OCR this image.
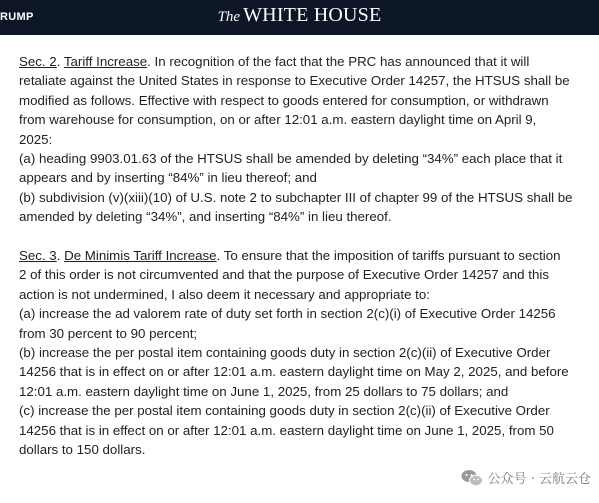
RUMP	The WHITE HOUSE
Sec. 2. Tariff Increase. In recognition of the fact that the PRC has announced that it will
retaliate against the United States in response to Executive Order 14257, the HTSUS shall be
modified as follows. Effective with respect to goods entered for consumption, or withdrawn
from warehouse for consumption, on or after 12:01 a.m. eastern daylight time on April 9,
2025:
(a) heading 9903.01.63 of the HTSUS shall be amended by deleting “34%” each place that it
appears and by inserting “84%” in lieu thereof; and
(b) subdivision (v)(xiii)(10) of U.S. note 2 to subchapter III of chapter 99 of the HTSUS shall be
amended by deleting “34%”, and inserting “84%” in lieu thereof.
Sec. 3. De Minimis Tariff Increase. To ensure that the imposition of tariffs pursuant to section
2 of this order is not circumvented and that the purpose of Executive Order 14257 and this
action is not undermined, I also deem it necessary and appropriate to:
(a) increase the ad valorem rate of duty set forth in section 2(c)(i) of Executive Order 14256
from 30 percent to 90 percent;
(b) increase the per postal item containing goods duty in section 2(c)(ii) of Executive Order
14256 that is in effect on or after 12:01 a.m. eastern daylight time on May 2, 2025, and before
12:01 a.m. eastern daylight time on June 1, 2025, from 25 dollars to 75 dollars; and
(c) increase the per postal item containing goods duty in section 2(c)(ii) of Executive Order
14256 that is in effect on or after 12:01 a.m. eastern daylight time on June 1, 2025, from 50
dollars to 150 dollars.
公众号 · 云航云仓
